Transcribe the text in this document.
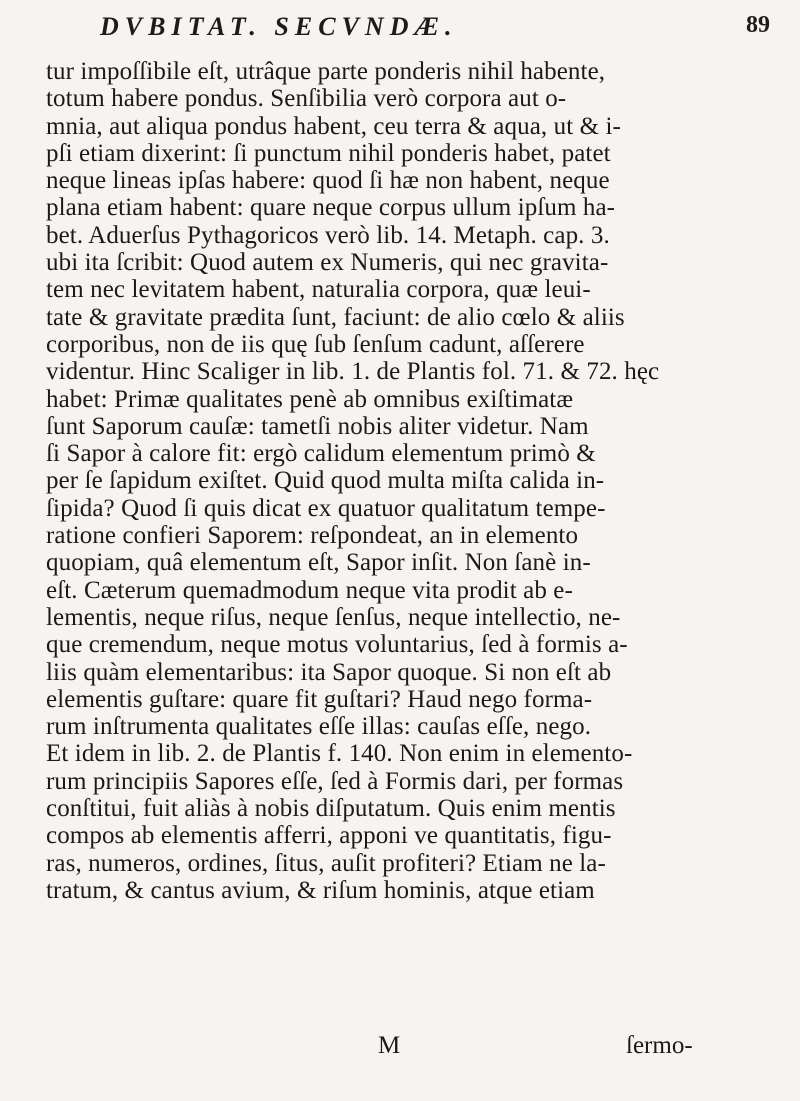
DVBITAT. SECVNDÆ.	89
tur impoſſibile eſt, utrâque parte ponderis nihil habente,
totum habere pondus. Senſibilia verò corpora aut o-
mnia, aut aliqua pondus habent, ceu terra & aqua, ut & i-
pſi etiam dixerint: ſi punctum nihil ponderis habet, patet
neque lineas ipſas habere: quod ſi hæ non habent, neque
plana etiam habent: quare neque corpus ullum ipſum ha-
bet. Aduerſus Pythagoricos verò lib. 14. Metaph. cap. 3.
ubi ita ſcribit: Quod autem ex Numeris, qui nec gravita-
tem nec levitatem habent, naturalia corpora, quæ leui-
tate & gravitate prædita ſunt, faciunt: de alio cœlo & aliis
corporibus, non de iis quę ſub ſenſum cadunt, aſſerere
videntur. Hinc Scaliger in lib. 1. de Plantis fol. 71. & 72. hęc
habet: Primæ qualitates penè ab omnibus exiſtimatæ
ſunt Saporum cauſæ: tametſi nobis aliter videtur. Nam
ſi Sapor à calore fit: ergò calidum elementum primò &
per ſe ſapidum exiſtet. Quid quod multa miſta calida in-
ſipida? Quod ſi quis dicat ex quatuor qualitatum tempe-
ratione confieri Saporem: reſpondeat, an in elemento
quopiam, quâ elementum eſt, Sapor inſit. Non ſanè in-
eſt. Cæterum quemadmodum neque vita prodit ab e-
lementis, neque riſus, neque ſenſus, neque intellectio, ne-
que cremendum, neque motus voluntarius, ſed à formis a-
liis quàm elementaribus: ita Sapor quoque. Si non eſt ab
elementis guſtare: quare fit guſtari? Haud nego forma-
rum inſtrumenta qualitates eſſe illas: cauſas eſſe, nego.
Et idem in lib. 2. de Plantis f. 140. Non enim in elemento-
rum principiis Sapores eſſe, ſed à Formis dari, per formas
conſtitui, fuit aliàs à nobis diſputatum. Quis enim mentis
compos ab elementis afferri, apponi ve quantitatis, figu-
ras, numeros, ordines, ſitus, auſit profiteri? Etiam ne la-
tratum, & cantus avium, & riſum hominis, atque etiam
M	ſermo-
